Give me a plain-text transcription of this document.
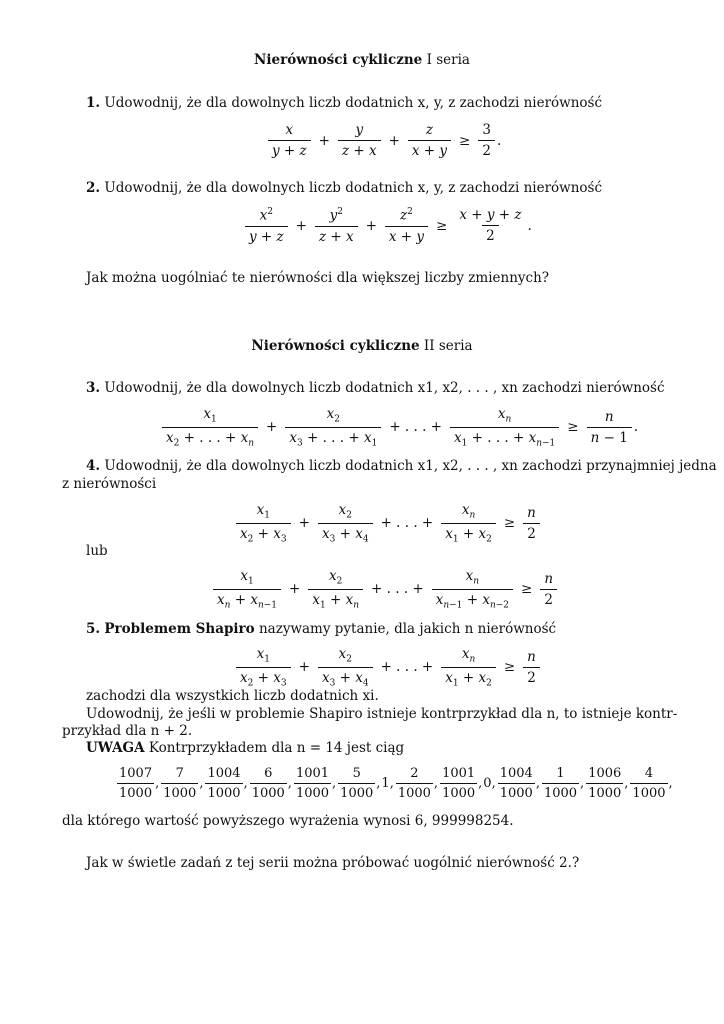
Nierówności cykliczne I seria
1. Udowodnij, że dla dowolnych liczb dodatnich x, y, z zachodzi nierówność
x
y + z
+ $\frac{y}{z + x} + \frac{z}{x + y} \ge \frac{3}{2}$ .
2. Udowodnij, że dla dowolnych liczb dodatnich x, y, z zachodzi nierówność
$x^2$
y + z
+ $\frac{y^2}{z + x} + \frac{z^2}{x + y} \ge \frac{x + y + z}{2}$ .
Jak można uogólniać te nierówności dla większej liczby zmiennych?
Nierówności cykliczne II seria
3. Udowodnij, że dla dowolnych liczb dodatnich x1, x2, . . . , xn zachodzi nierówność
$x_1$
$x_2$ + . . . + $x_n$
+ $\frac{x_2}{x_3 + . . . + x_1}$ + . . . + $\frac{x_n}{x_1 + . . . + x_{n-1}} \ge \frac{n}{n - 1}$ .
4. Udowodnij, że dla dowolnych liczb dodatnich x1, x2, . . . , xn zachodzi przynajmniej jedna
z nierówności
$x_1$
$x_2 + x_3$
+ $\frac{x_2}{x_3 + x_4}$ + . . . + $\frac{x_n}{x_1 + x_2} \ge \frac{n}{2}$
lub
$x_1$
$x_n + x_{n-1}$
+ $\frac{x_2}{x_1 + x_n}$ + . . . + $\frac{x_n}{x_{n-1} + x_{n-2}} \ge \frac{n}{2}$
5. Problemem Shapiro nazywamy pytanie, dla jakich n nierówność
$x_1$
$x_2 + x_3$
+ $\frac{x_2}{x_3 + x_4}$ + . . . + $\frac{x_n}{x_1 + x_2} \ge \frac{n}{2}$
zachodzi dla wszystkich liczb dodatnich xi.
Udowodnij, że jeśli w problemie Shapiro istnieje kontrprzykład dla n, to istnieje kontr-
przykład dla n + 2.
UWAGA Kontrprzykładem dla n = 14 jest ciąg
1007
1000
,
7
1000
,
1004
1000
,
6
1000
,
1001
1000
,
5
1000
, 1 ,
2
1000
,
1001
1000
, 0 ,
1004
1000
,
1
1000
,
1006
1000
,
4
1000
,
dla którego wartość powyższego wyrażenia wynosi 6, 999998254.
Jak w świetle zadań z tej serii można próbować uogólnić nierówność 2.?
